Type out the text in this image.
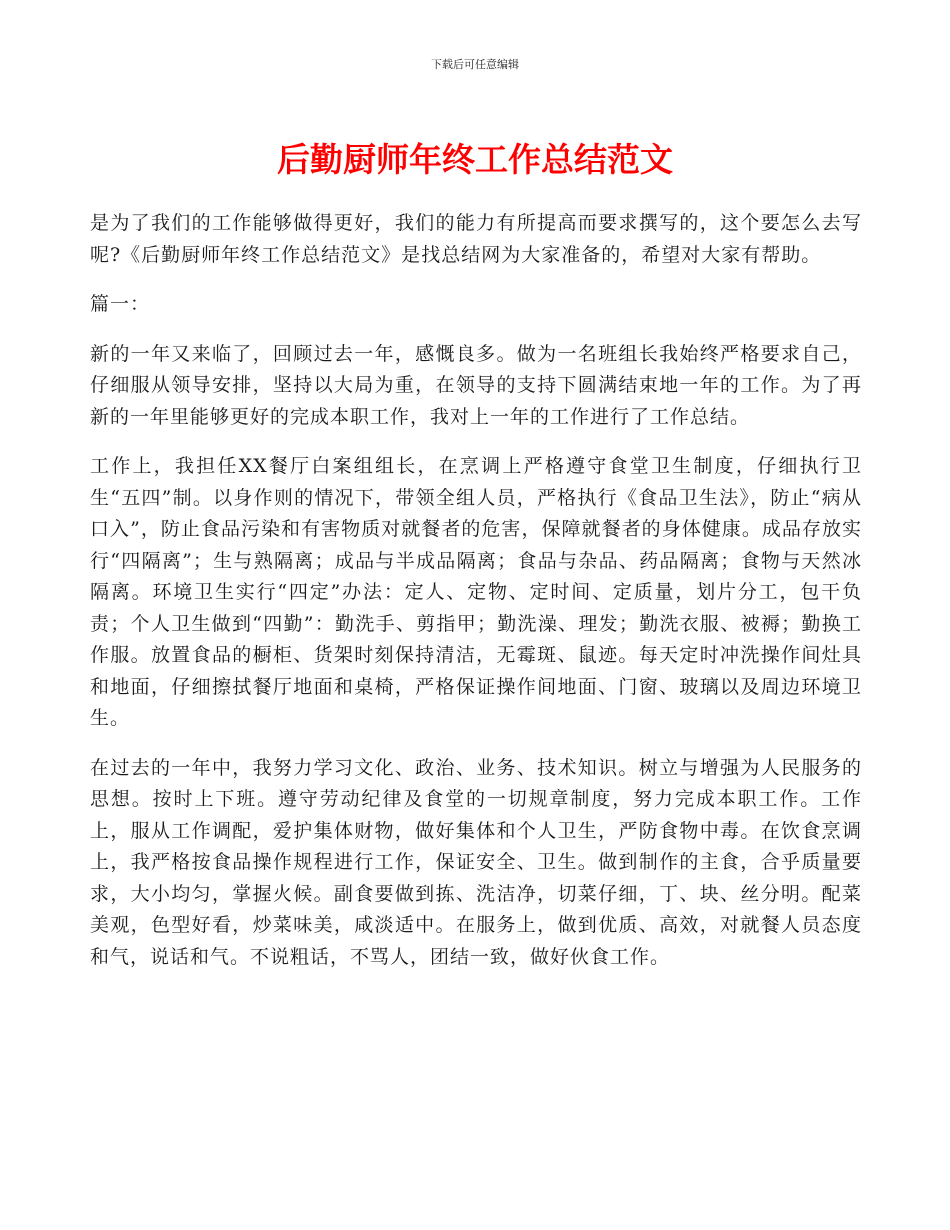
下载后可任意编辑
后勤厨师年终工作总结范文

是为了我们的工作能够做得更好，我们的能力有所提高而要求撰写的，这个要怎么去写呢?《后勤厨师年终工作总结范文》是找总结网为大家准备的，希望对大家有帮助。

篇一：

新的一年又来临了，回顾过去一年，感慨良多。做为一名班组长我始终严格要求自己，仔细服从领导安排，坚持以大局为重，在领导的支持下圆满结束地一年的工作。为了再新的一年里能够更好的完成本职工作，我对上一年的工作进行了工作总结。

工作上，我担任XX餐厅白案组组长，在烹调上严格遵守食堂卫生制度，仔细执行卫生“五四”制。以身作则的情况下，带领全组人员，严格执行《食品卫生法》，防止“病从口入”，防止食品污染和有害物质对就餐者的危害，保障就餐者的身体健康。成品存放实行“四隔离”；生与熟隔离；成品与半成品隔离；食品与杂品、药品隔离；食物与天然冰隔离。环境卫生实行“四定”办法：定人、定物、定时间、定质量，划片分工，包干负责；个人卫生做到“四勤”：勤洗手、剪指甲；勤洗澡、理发；勤洗衣服、被褥；勤换工作服。放置食品的橱柜、货架时刻保持清洁，无霉斑、鼠迹。每天定时冲洗操作间灶具和地面，仔细擦拭餐厅地面和桌椅，严格保证操作间地面、门窗、玻璃以及周边环境卫生。

在过去的一年中，我努力学习文化、政治、业务、技术知识。树立与增强为人民服务的思想。按时上下班。遵守劳动纪律及食堂的一切规章制度，努力完成本职工作。工作上，服从工作调配，爱护集体财物，做好集体和个人卫生，严防食物中毒。在饮食烹调上，我严格按食品操作规程进行工作，保证安全、卫生。做到制作的主食，合乎质量要求，大小均匀，掌握火候。副食要做到拣、洗洁净，切菜仔细，丁、块、丝分明。配菜美观，色型好看，炒菜味美，咸淡适中。在服务上，做到优质、高效，对就餐人员态度和气，说话和气。不说粗话，不骂人，团结一致，做好伙食工作。
